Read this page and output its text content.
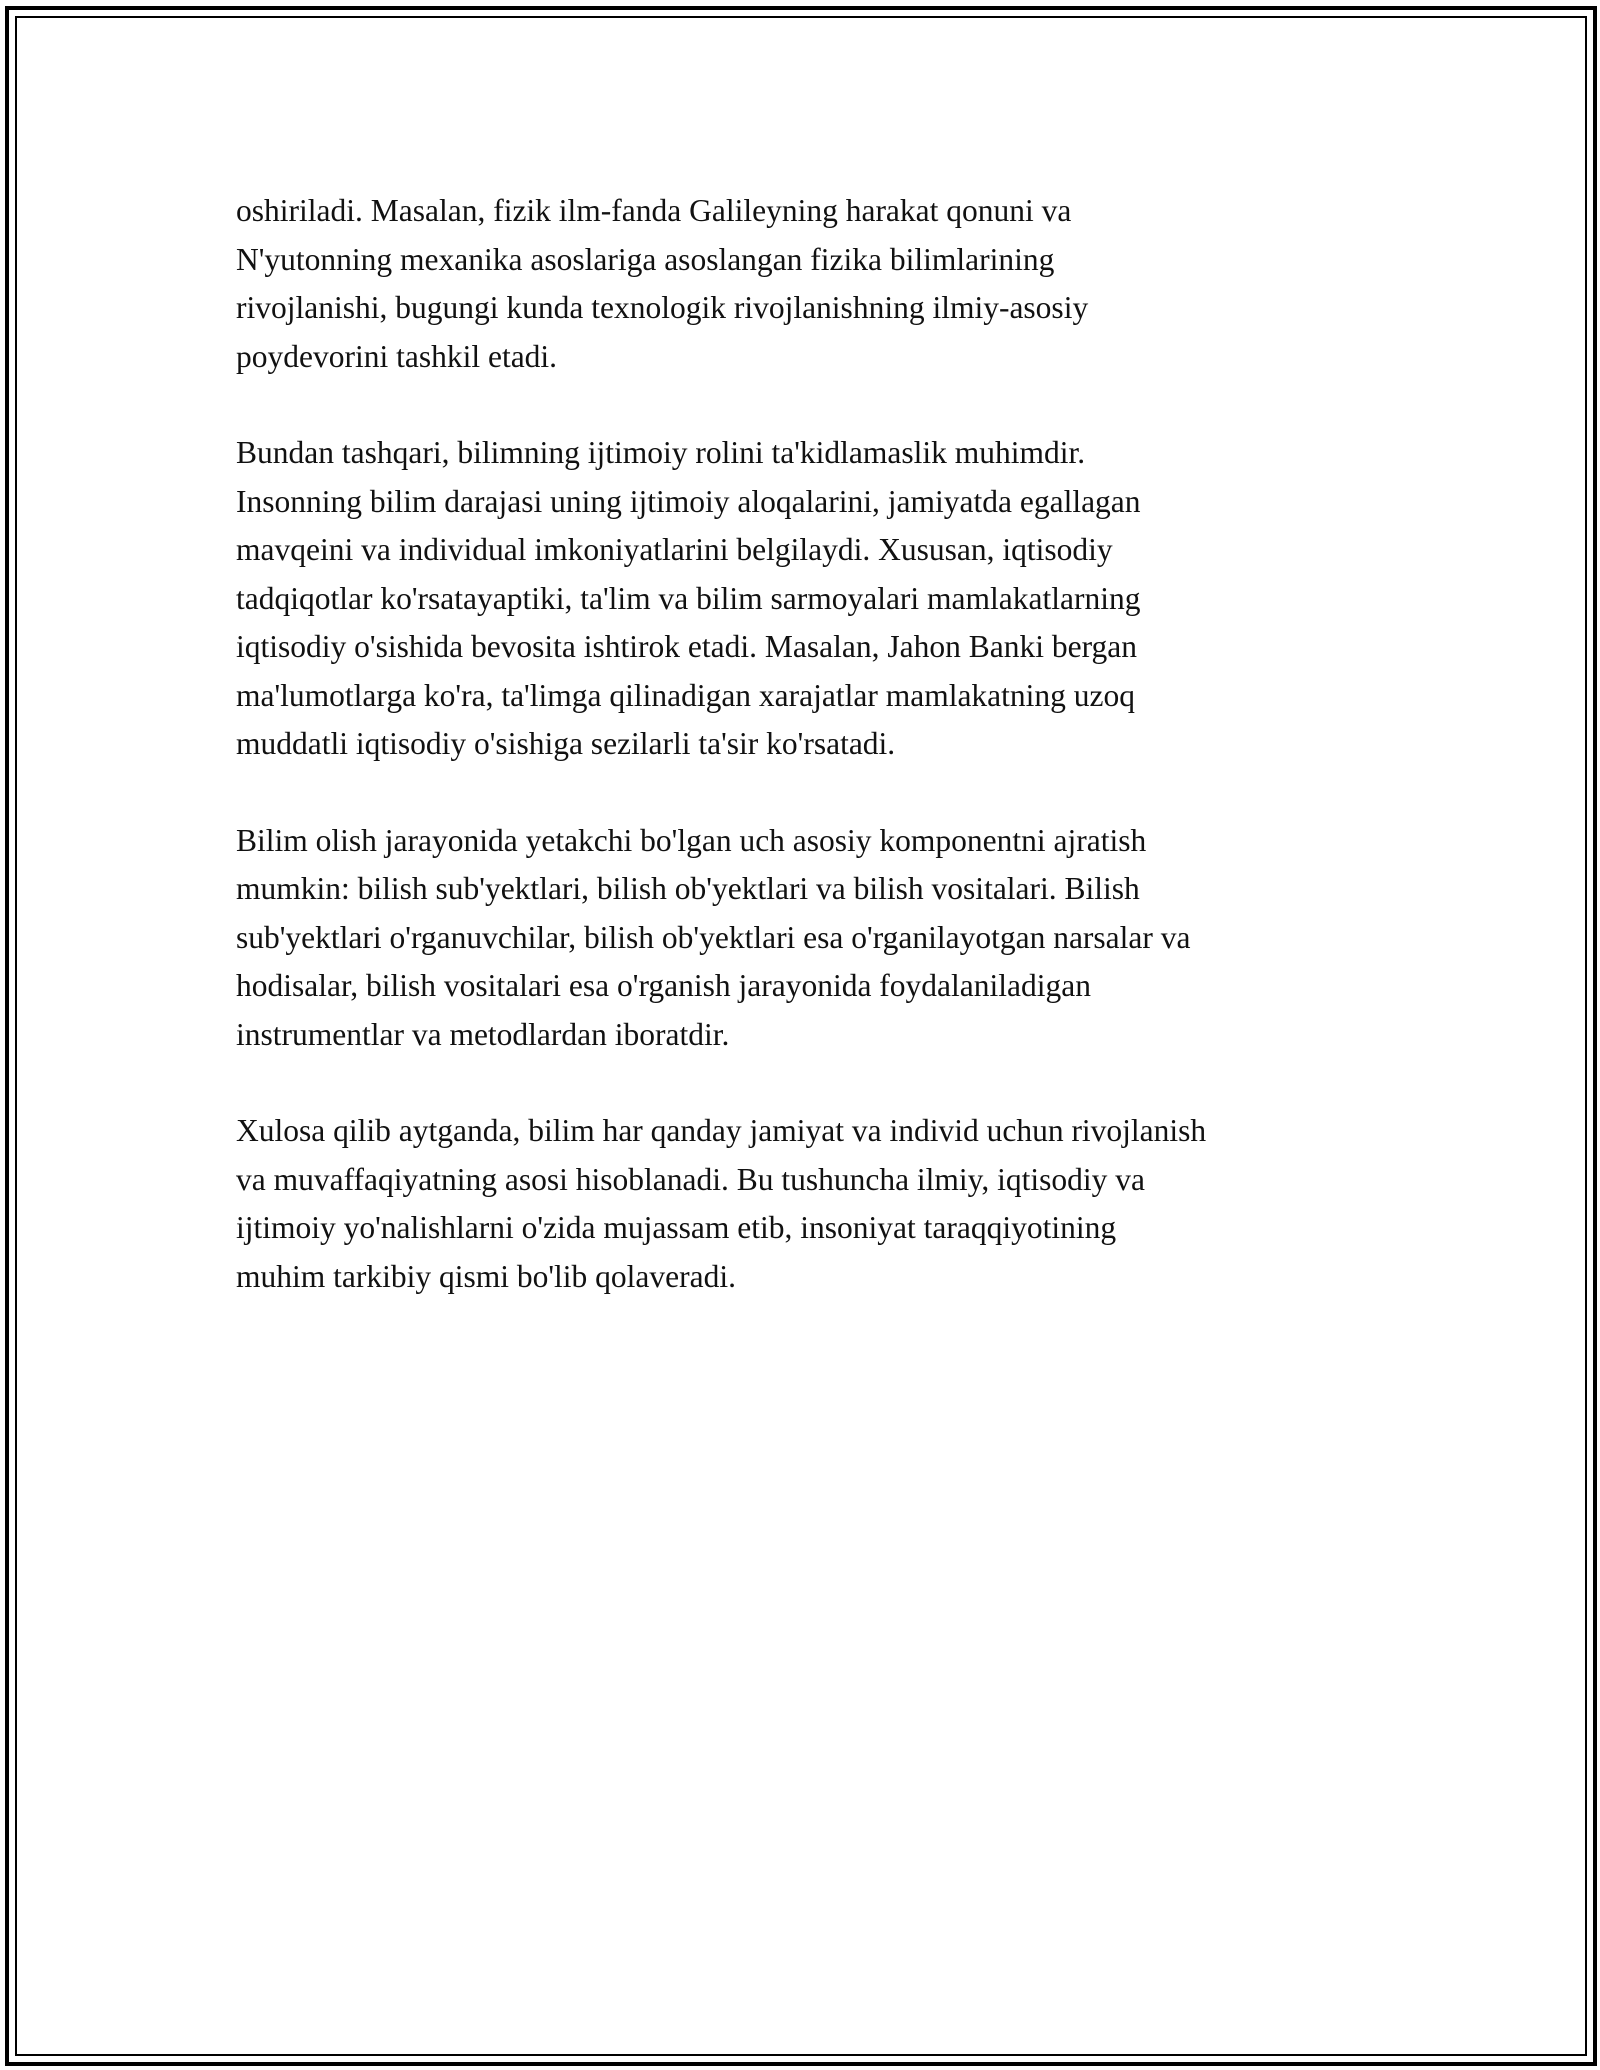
oshiriladi. Masalan, fizik ilm-fanda Galileyning harakat qonuni va
N'yutonning mexanika asoslariga asoslangan fizika bilimlarining
rivojlanishi, bugungi kunda texnologik rivojlanishning ilmiy-asosiy
poydevorini tashkil etadi.

Bundan tashqari, bilimning ijtimoiy rolini ta'kidlamaslik muhimdir.
Insonning bilim darajasi uning ijtimoiy aloqalarini, jamiyatda egallagan
mavqeini va individual imkoniyatlarini belgilaydi. Xususan, iqtisodiy
tadqiqotlar ko'rsatayaptiki, ta'lim va bilim sarmoyalari mamlakatlarning
iqtisodiy o'sishida bevosita ishtirok etadi. Masalan, Jahon Banki bergan
ma'lumotlarga ko'ra, ta'limga qilinadigan xarajatlar mamlakatning uzoq
muddatli iqtisodiy o'sishiga sezilarli ta'sir ko'rsatadi.

Bilim olish jarayonida yetakchi bo'lgan uch asosiy komponentni ajratish
mumkin: bilish sub'yektlari, bilish ob'yektlari va bilish vositalari. Bilish
sub'yektlari o'rganuvchilar, bilish ob'yektlari esa o'rganilayotgan narsalar va
hodisalar, bilish vositalari esa o'rganish jarayonida foydalaniladigan
instrumentlar va metodlardan iboratdir.

Xulosa qilib aytganda, bilim har qanday jamiyat va individ uchun rivojlanish
va muvaffaqiyatning asosi hisoblanadi. Bu tushuncha ilmiy, iqtisodiy va
ijtimoiy yo'nalishlarni o'zida mujassam etib, insoniyat taraqqiyotining
muhim tarkibiy qismi bo'lib qolaveradi.
